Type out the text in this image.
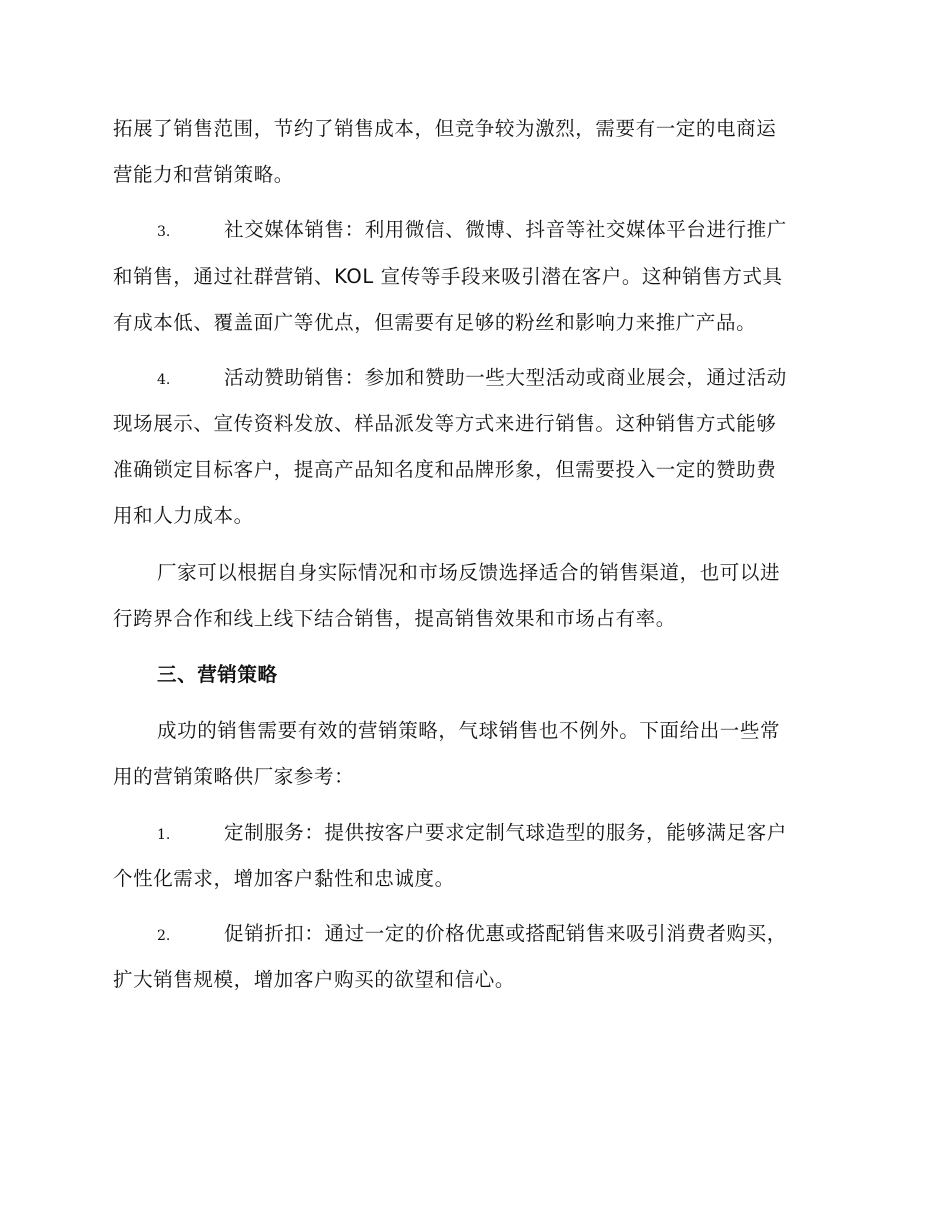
拓展了销售范围，节约了销售成本，但竞争较为激烈，需要有一定的电商运
营能力和营销策略。
3.	社交媒体销售：利用微信、微博、抖音等社交媒体平台进行推广
和销售，通过社群营销、KOL 宣传等手段来吸引潜在客户。这种销售方式具
有成本低、覆盖面广等优点，但需要有足够的粉丝和影响力来推广产品。
4.	活动赞助销售：参加和赞助一些大型活动或商业展会，通过活动
现场展示、宣传资料发放、样品派发等方式来进行销售。这种销售方式能够
准确锁定目标客户，提高产品知名度和品牌形象，但需要投入一定的赞助费
用和人力成本。
厂家可以根据自身实际情况和市场反馈选择适合的销售渠道，也可以进
行跨界合作和线上线下结合销售，提高销售效果和市场占有率。
三、营销策略
成功的销售需要有效的营销策略，气球销售也不例外。下面给出一些常
用的营销策略供厂家参考：
1.	定制服务：提供按客户要求定制气球造型的服务，能够满足客户
个性化需求，增加客户黏性和忠诚度。
2.	促销折扣：通过一定的价格优惠或搭配销售来吸引消费者购买，
扩大销售规模，增加客户购买的欲望和信心。
